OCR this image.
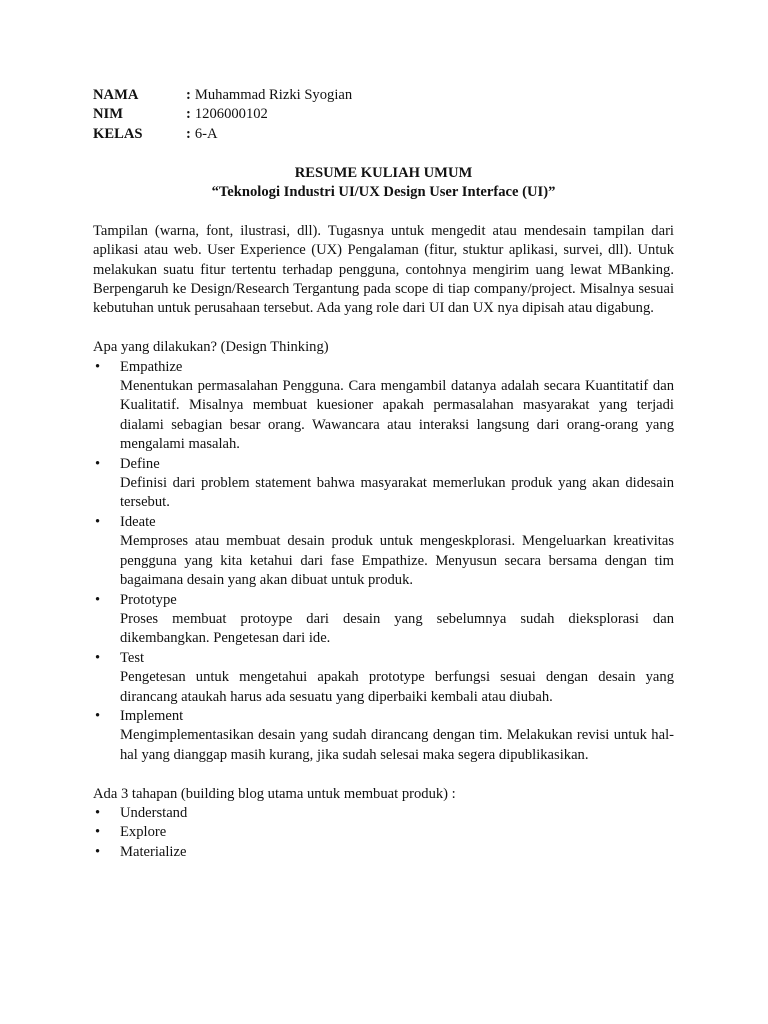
NAMA	: Muhammad Rizki Syogian
NIM	: 1206000102
KELAS	: 6-A
RESUME KULIAH UMUM
“Teknologi Industri UI/UX Design User Interface (UI)”
Tampilan (warna, font, ilustrasi, dll). Tugasnya untuk mengedit atau mendesain tampilan dari aplikasi atau web. User Experience (UX) Pengalaman (fitur, stuktur aplikasi, survei, dll). Untuk melakukan suatu fitur tertentu terhadap pengguna, contohnya mengirim uang lewat MBanking. Berpengaruh ke Design/Research Tergantung pada scope di tiap company/project. Misalnya sesuai kebutuhan untuk perusahaan tersebut. Ada yang role dari UI dan UX nya dipisah atau digabung.
Apa yang dilakukan? (Design Thinking)
•	Empathize
Menentukan permasalahan Pengguna. Cara mengambil datanya adalah secara Kuantitatif dan Kualitatif. Misalnya membuat kuesioner apakah permasalahan masyarakat yang terjadi dialami sebagian besar orang. Wawancara atau interaksi langsung dari orang-orang yang mengalami masalah.
•	Define
Definisi dari problem statement bahwa masyarakat memerlukan produk yang akan didesain tersebut.
•	Ideate
Memproses atau membuat desain produk untuk mengeskplorasi. Mengeluarkan kreativitas pengguna yang kita ketahui dari fase Empathize. Menyusun secara bersama dengan tim bagaimana desain yang akan dibuat untuk produk.
•	Prototype
Proses membuat protoype dari desain yang sebelumnya sudah dieksplorasi dan dikembangkan. Pengetesan dari ide.
•	Test
Pengetesan untuk mengetahui apakah prototype berfungsi sesuai dengan desain yang dirancang ataukah harus ada sesuatu yang diperbaiki kembali atau diubah.
•	Implement
Mengimplementasikan desain yang sudah dirancang dengan tim. Melakukan revisi untuk hal-hal yang dianggap masih kurang, jika sudah selesai maka segera dipublikasikan.
Ada 3 tahapan (building blog utama untuk membuat produk) :
•	Understand
•	Explore
•	Materialize
